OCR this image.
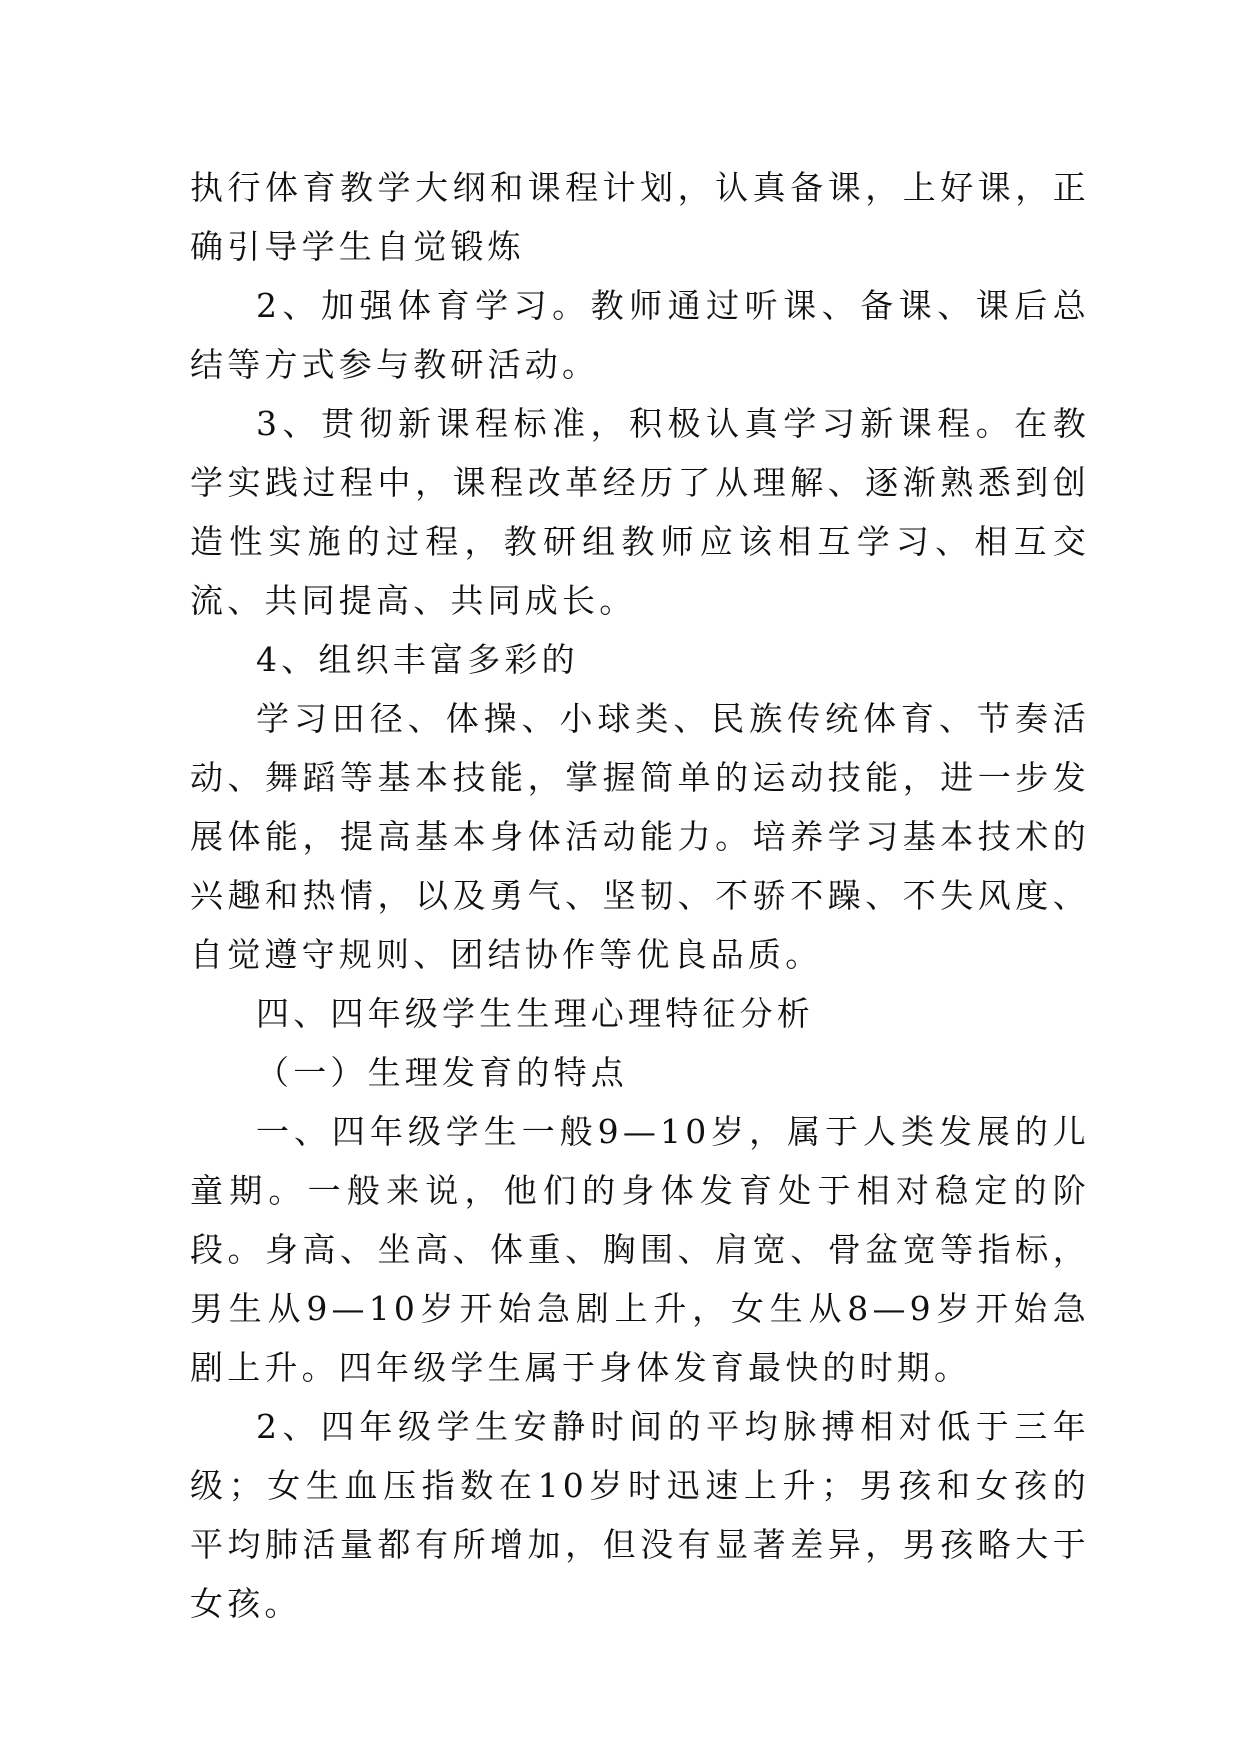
执行体育教学大纲和课程计划，认真备课，上好课，正确引导学生自觉锻炼

2、加强体育学习。教师通过听课、备课、课后总结等方式参与教研活动。

3、贯彻新课程标准，积极认真学习新课程。在教学实践过程中，课程改革经历了从理解、逐渐熟悉到创造性实施的过程，教研组教师应该相互学习、相互交流、共同提高、共同成长。

4、组织丰富多彩的

学习田径、体操、小球类、民族传统体育、节奏活动、舞蹈等基本技能，掌握简单的运动技能，进一步发展体能，提高基本身体活动能力。培养学习基本技术的兴趣和热情，以及勇气、坚韧、不骄不躁、不失风度、自觉遵守规则、团结协作等优良品质。

四、四年级学生生理心理特征分析

（一）生理发育的特点

一、四年级学生一般9—10岁，属于人类发展的儿童期。一般来说，他们的身体发育处于相对稳定的阶段。身高、坐高、体重、胸围、肩宽、骨盆宽等指标，男生从9—10岁开始急剧上升，女生从8—9岁开始急剧上升。四年级学生属于身体发育最快的时期。

2、四年级学生安静时间的平均脉搏相对低于三年级；女生血压指数在10岁时迅速上升；男孩和女孩的平均肺活量都有所增加，但没有显著差异，男孩略大于女孩。
